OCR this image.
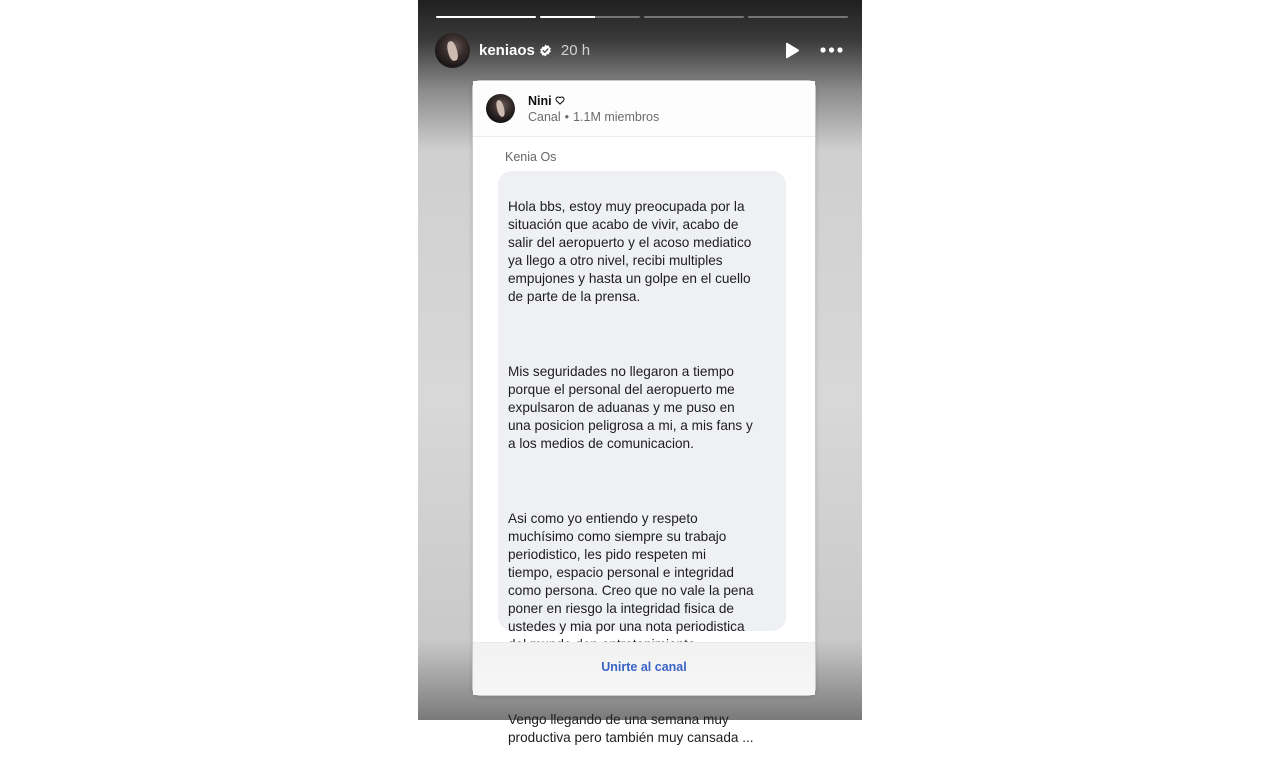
keniaos 20 h
Nini
Canal • 1.1M miembros
Kenia Os

Hola bbs, estoy muy preocupada por la
situación que acabo de vivir, acabo de
salir del aeropuerto y el acoso mediatico
ya llego a otro nivel, recibi multiples
empujones y hasta un golpe en el cuello
de parte de la prensa.

Mis seguridades no llegaron a tiempo
porque el personal del aeropuerto me
expulsaron de aduanas y me puso en
una posicion peligrosa a mi, a mis fans y
a los medios de comunicacion.

Asi como yo entiendo y respeto
muchísimo como siempre su trabajo
periodistico, les pido respeten mi
tiempo, espacio personal e integridad
como persona. Creo que no vale la pena
poner en riesgo la integridad fisica de
ustedes y mia por una nota periodistica

Vengo llegando de una semana muy
productiva pero también muy cansada ...

Unirte al canal
